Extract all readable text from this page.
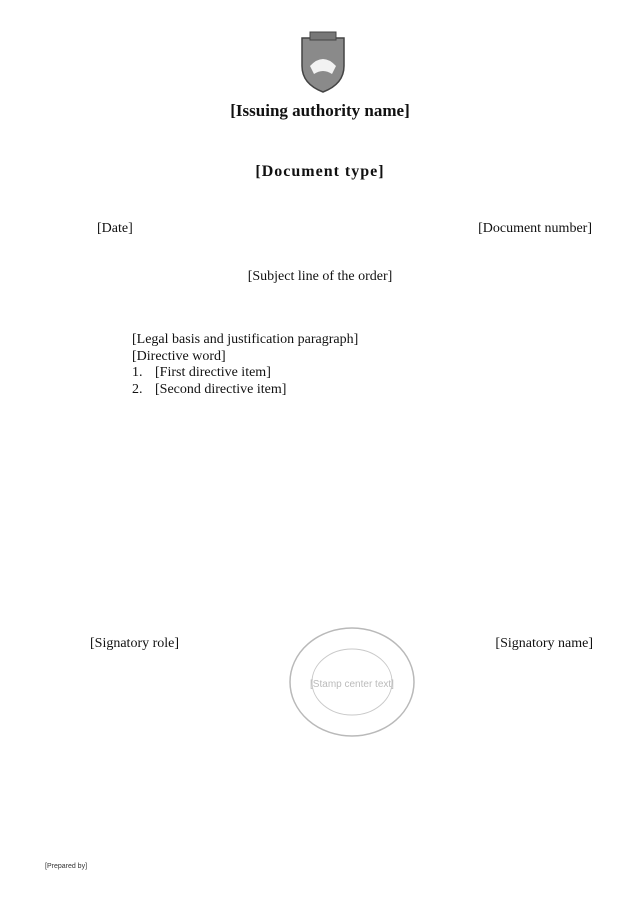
[Issuing authority name]
[Document type]
[Date]	[Document number]
[Subject line of the order]

[Legal basis and justification paragraph]

[Directive word]

1. [First directive item]

2. [Second directive item]

[Signatory role]	[Signatory name]
[Stamp center text]
[Prepared by]
